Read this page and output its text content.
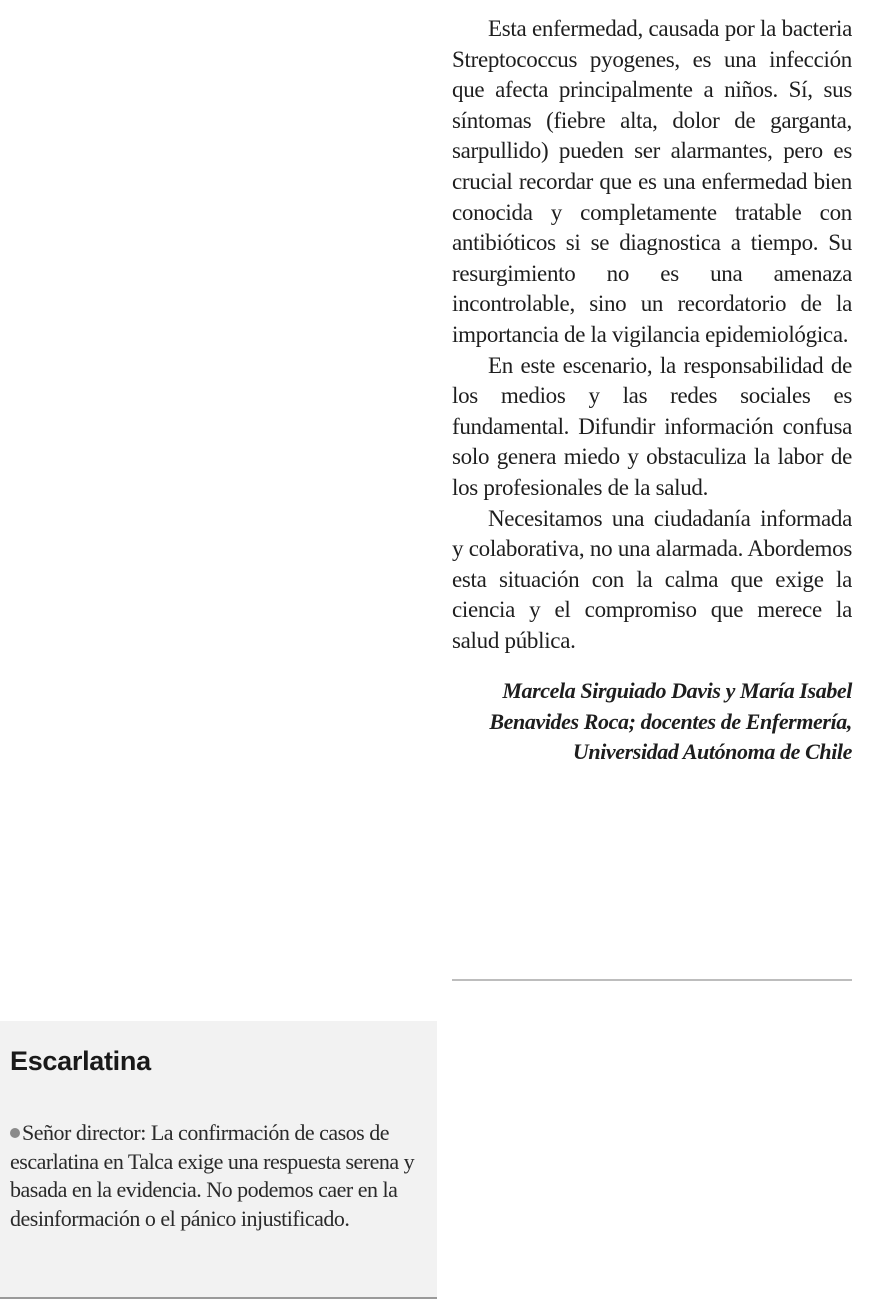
Esta enfermedad, causada por la bacteria Streptococcus pyogenes, es una infección que afecta principalmente a niños. Sí, sus síntomas (fiebre alta, dolor de garganta, sarpullido) pueden ser alarmantes, pero es crucial recordar que es una enfermedad bien conocida y completamente tratable con antibióticos si se diagnostica a tiempo. Su resurgimiento no es una amenaza incontrolable, sino un recordatorio de la importancia de la vigilancia epidemiológica.

En este escenario, la responsabilidad de los medios y las redes sociales es fundamental. Difundir información confusa solo genera miedo y obstaculiza la labor de los profesionales de la salud.

Necesitamos una ciudadanía informada y colaborativa, no una alarmada. Abordemos esta situación con la calma que exige la ciencia y el compromiso que merece la salud pública.

Marcela Sirguiado Davis y María Isabel Benavides Roca; docentes de Enfermería, Universidad Autónoma de Chile

Escarlatina

Señor director: La confirmación de casos de escarlatina en Talca exige una respuesta serena y basada en la evidencia. No podemos caer en la desinformación o el pánico injustificado.
